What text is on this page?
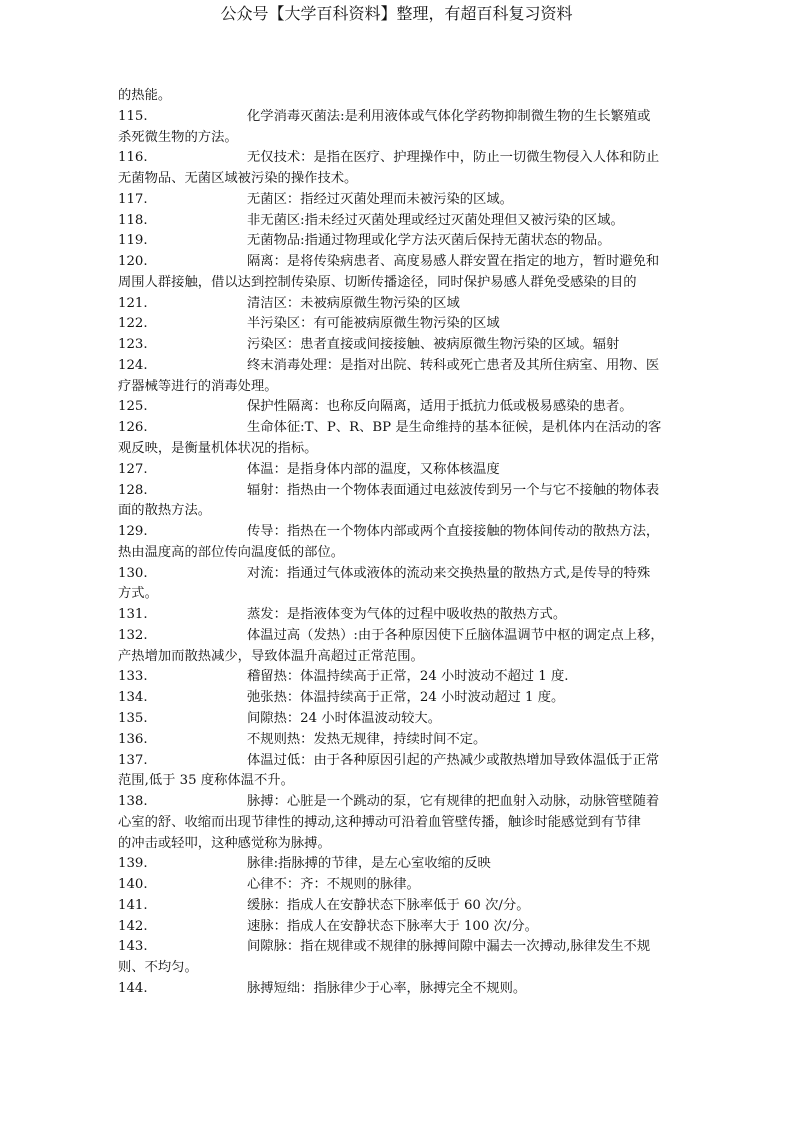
公众号【大学百科资料】整理，有超百科复习资料
的热能。
115.	化学消毒灭菌法:是利用液体或气体化学药物抑制微生物的生长繁殖或
杀死微生物的方法。
116.	无仅技术：是指在医疗、护理操作中，防止一切微生物侵入人体和防止
无菌物品、无菌区域被污染的操作技术。
117.	无菌区：指经过灭菌处理而未被污染的区域。
118.	非无菌区:指未经过灭菌处理或经过灭菌处理但又被污染的区域。
119.	无菌物品:指通过物理或化学方法灭菌后保持无菌状态的物品。
120.	隔离：是将传染病患者、高度易感人群安置在指定的地方，暂时避免和
周围人群接触，借以达到控制传染原、切断传播途径，同时保护易感人群免受感染的目的
121.	清洁区：未被病原微生物污染的区域
122.	半污染区：有可能被病原微生物污染的区域
123.	污染区：患者直接或间接接触、被病原微生物污染的区域。辐射
124.	终末消毒处理：是指对出院、转科或死亡患者及其所住病室、用物、医
疗器械等进行的消毒处理。
125.	保护性隔离：也称反向隔离，适用于抵抗力低或极易感染的患者。
126.	生命体征:T、P、R、BP 是生命维持的基本征候，是机体内在活动的客
观反映，是衡量机体状况的指标。
127.	体温：是指身体内部的温度，又称体核温度
128.	辐射：指热由一个物体表面通过电兹波传到另一个与它不接触的物体表
面的散热方法。
129.	传导：指热在一个物体内部或两个直接接触的物体间传动的散热方法，
热由温度高的部位传向温度低的部位。
130.	对流：指通过气体或液体的流动来交换热量的散热方式,是传导的特殊
方式。
131.	蒸发：是指液体变为气体的过程中吸收热的散热方式。
132.	体温过高（发热）:由于各种原因使下丘脑体温调节中枢的调定点上移，
产热增加而散热减少，导致体温升高超过正常范围。
133.	稽留热：体温持续高于正常，24 小时波动不超过 1 度.
134.	弛张热：体温持续高于正常，24 小时波动超过 1 度。
135.	间隙热：24 小时体温波动较大。
136.	不规则热：发热无规律，持续时间不定。
137.	体温过低：由于各种原因引起的产热减少或散热增加导致体温低于正常
范围,低于 35 度称体温不升。
138.	脉搏：心脏是一个跳动的泵，它有规律的把血射入动脉，动脉管壁随着
心室的舒、收缩而出现节律性的搏动,这种搏动可沿着血管壁传播，触诊时能感觉到有节律
的冲击或轻叩，这种感觉称为脉搏。
139.	脉律:指脉搏的节律，是左心室收缩的反映
140.	心律不：齐：不规则的脉律。
141.	缓脉：指成人在安静状态下脉率低于 60 次/分。
142.	速脉：指成人在安静状态下脉率大于 100 次/分。
143.	间隙脉：指在规律或不规律的脉搏间隙中漏去一次搏动,脉律发生不规
则、不均匀。
144.	脉搏短绌：指脉律少于心率，脉搏完全不规则。
